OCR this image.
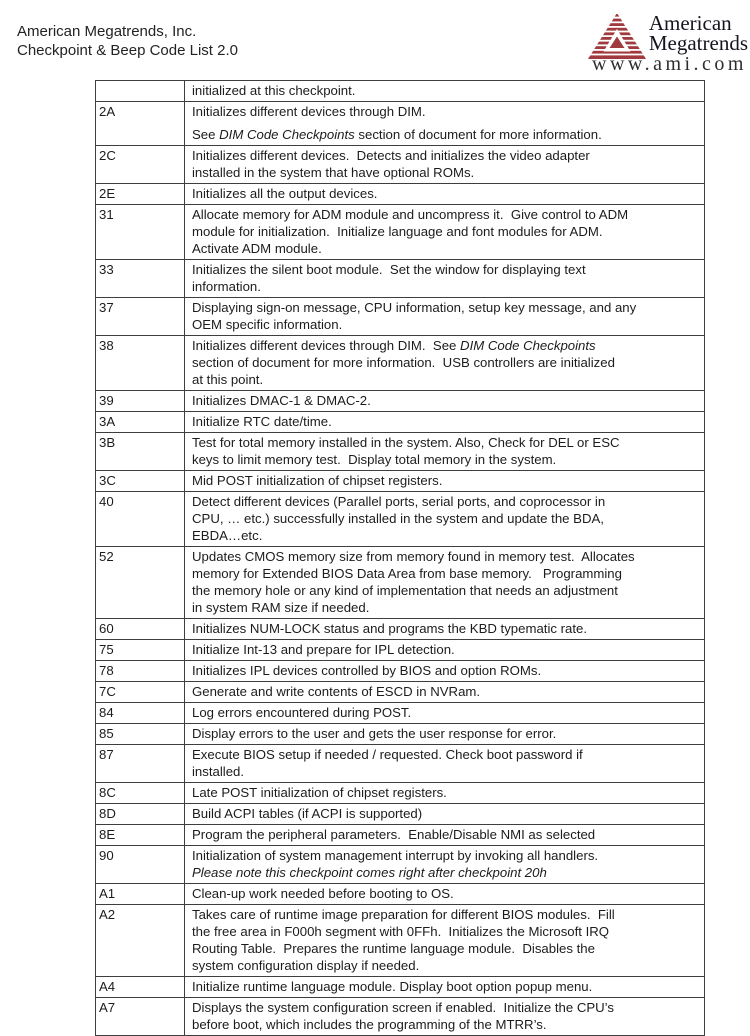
American Megatrends, Inc.
Checkpoint & Beep Code List 2.0
American
Megatrends
www.ami.com

	initialized at this checkpoint.

2A	Initializes different devices through DIM.
See DIM Code Checkpoints section of document for more information.

2C	Initializes different devices.  Detects and initializes the video adapter
installed in the system that have optional ROMs.

2E	Initializes all the output devices.

31	Allocate memory for ADM module and uncompress it.  Give control to ADM
module for initialization.  Initialize language and font modules for ADM.
Activate ADM module.

33	Initializes the silent boot module.  Set the window for displaying text
information.

37	Displaying sign-on message, CPU information, setup key message, and any
OEM specific information.

38	Initializes different devices through DIM.  See DIM Code Checkpoints
section of document for more information.  USB controllers are initialized
at this point.

39	Initializes DMAC-1 & DMAC-2.

3A	Initialize RTC date/time.

3B	Test for total memory installed in the system. Also, Check for DEL or ESC
keys to limit memory test.  Display total memory in the system.

3C	Mid POST initialization of chipset registers.

40	Detect different devices (Parallel ports, serial ports, and coprocessor in
CPU, … etc.) successfully installed in the system and update the BDA,
EBDA…etc.

52	Updates CMOS memory size from memory found in memory test.  Allocates
memory for Extended BIOS Data Area from base memory.   Programming
the memory hole or any kind of implementation that needs an adjustment
in system RAM size if needed.

60	Initializes NUM-LOCK status and programs the KBD typematic rate.

75	Initialize Int-13 and prepare for IPL detection.

78	Initializes IPL devices controlled by BIOS and option ROMs.

7C	Generate and write contents of ESCD in NVRam.

84	Log errors encountered during POST.

85	Display errors to the user and gets the user response for error.

87	Execute BIOS setup if needed / requested. Check boot password if
installed.

8C	Late POST initialization of chipset registers.

8D	Build ACPI tables (if ACPI is supported)

8E	Program the peripheral parameters.  Enable/Disable NMI as selected

90	Initialization of system management interrupt by invoking all handlers.
Please note this checkpoint comes right after checkpoint 20h

A1	Clean-up work needed before booting to OS.

A2	Takes care of runtime image preparation for different BIOS modules.  Fill
the free area in F000h segment with 0FFh.  Initializes the Microsoft IRQ
Routing Table.  Prepares the runtime language module.  Disables the
system configuration display if needed.

A4	Initialize runtime language module. Display boot option popup menu.

A7	Displays the system configuration screen if enabled.  Initialize the CPU’s
before boot, which includes the programming of the MTRR’s.
